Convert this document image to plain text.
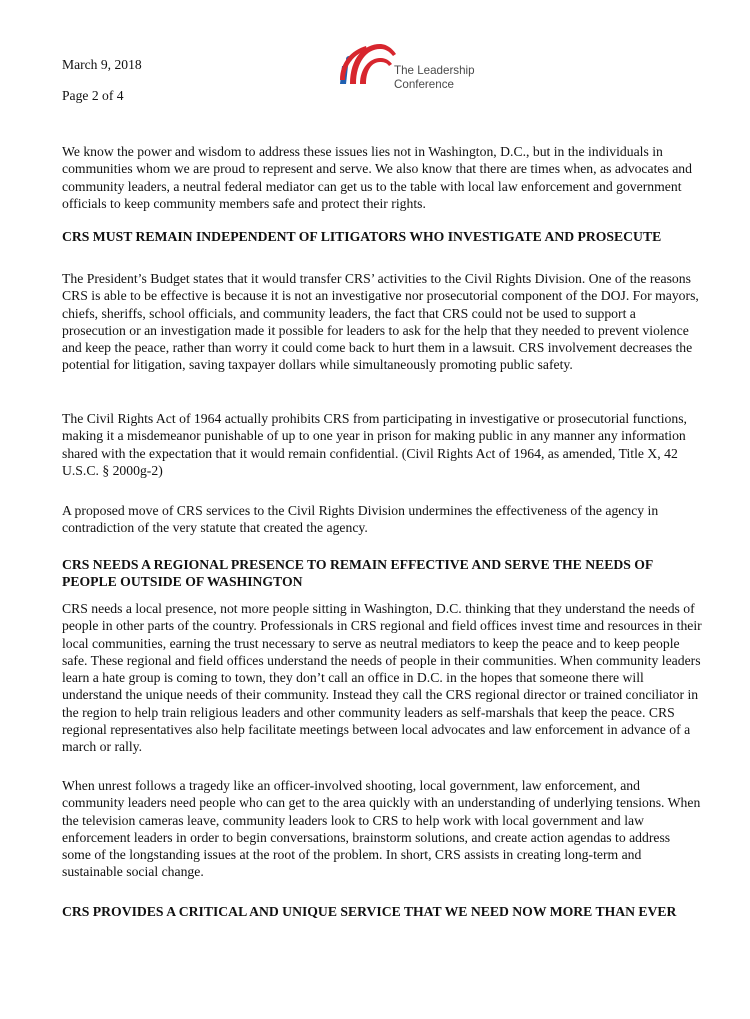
March 9, 2018
Page 2 of 4
The Leadership
Conference

We know the power and wisdom to address these issues lies not in Washington, D.C., but in the individuals in communities whom we are proud to represent and serve. We also know that there are times when, as advocates and community leaders, a neutral federal mediator can get us to the table with local law enforcement and government officials to keep community members safe and protect their rights.

CRS MUST REMAIN INDEPENDENT OF LITIGATORS WHO INVESTIGATE AND PROSECUTE

The President’s Budget states that it would transfer CRS’ activities to the Civil Rights Division. One of the reasons CRS is able to be effective is because it is not an investigative nor prosecutorial component of the DOJ. For mayors, chiefs, sheriffs, school officials, and community leaders, the fact that CRS could not be used to support a prosecution or an investigation made it possible for leaders to ask for the help that they needed to prevent violence and keep the peace, rather than worry it could come back to hurt them in a lawsuit. CRS involvement decreases the potential for litigation, saving taxpayer dollars while simultaneously promoting public safety.

The Civil Rights Act of 1964 actually prohibits CRS from participating in investigative or prosecutorial functions, making it a misdemeanor punishable of up to one year in prison for making public in any manner any information shared with the expectation that it would remain confidential. (Civil Rights Act of 1964, as amended, Title X, 42 U.S.C. § 2000g-2)

A proposed move of CRS services to the Civil Rights Division undermines the effectiveness of the agency in contradiction of the very statute that created the agency.

CRS NEEDS A REGIONAL PRESENCE TO REMAIN EFFECTIVE AND SERVE THE NEEDS OF PEOPLE OUTSIDE OF WASHINGTON

CRS needs a local presence, not more people sitting in Washington, D.C. thinking that they understand the needs of people in other parts of the country. Professionals in CRS regional and field offices invest time and resources in their local communities, earning the trust necessary to serve as neutral mediators to keep the peace and to keep people safe. These regional and field offices understand the needs of people in their communities. When community leaders learn a hate group is coming to town, they don’t call an office in D.C. in the hopes that someone there will understand the unique needs of their community. Instead they call the CRS regional director or trained conciliator in the region to help train religious leaders and other community leaders as self-marshals that keep the peace. CRS regional representatives also help facilitate meetings between local advocates and law enforcement in advance of a march or rally.

When unrest follows a tragedy like an officer-involved shooting, local government, law enforcement, and community leaders need people who can get to the area quickly with an understanding of underlying tensions. When the television cameras leave, community leaders look to CRS to help work with local government and law enforcement leaders in order to begin conversations, brainstorm solutions, and create action agendas to address some of the longstanding issues at the root of the problem. In short, CRS assists in creating long-term and sustainable social change.

CRS PROVIDES A CRITICAL AND UNIQUE SERVICE THAT WE NEED NOW MORE THAN EVER
